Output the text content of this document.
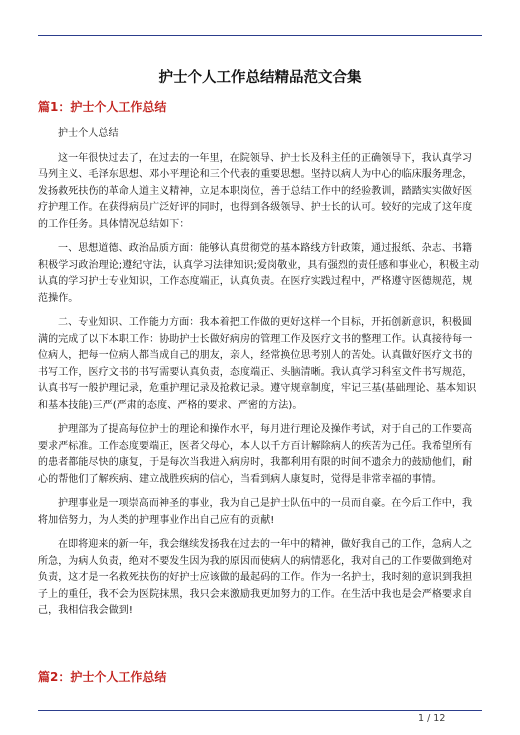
护士个人工作总结精品范文合集
篇1：护士个人工作总结

护士个人总结

这一年很快过去了，在过去的一年里，在院领导、护士长及科主任的正确领导下，我认真学习马列主义、毛泽东思想、邓小平理论和三个代表的重要思想。坚持以病人为中心的临床服务理念，发扬救死扶伤的革命人道主义精神，立足本职岗位，善于总结工作中的经验教训，踏踏实实做好医疗护理工作。在获得病员广泛好评的同时，也得到各级领导、护士长的认可。较好的完成了这年度的工作任务。具体情况总结如下：

一、思想道德、政治品质方面：能够认真贯彻党的基本路线方针政策，通过报纸、杂志、书籍积极学习政治理论;遵纪守法，认真学习法律知识;爱岗敬业，具有强烈的责任感和事业心，积极主动认真的学习护士专业知识，工作态度端正，认真负责。在医疗实践过程中，严格遵守医德规范，规范操作。

二、专业知识、工作能力方面：我本着把工作做的更好这样一个目标，开拓创新意识，积极圆满的完成了以下本职工作：协助护士长做好病房的管理工作及医疗文书的整理工作。认真接待每一位病人，把每一位病人都当成自己的朋友，亲人，经常换位思考别人的苦处。认真做好医疗文书的书写工作，医疗文书的书写需要认真负责，态度端正、头脑清晰。我认真学习科室文件书写规范，认真书写一般护理记录，危重护理记录及抢救记录。遵守规章制度，牢记三基(基础理论、基本知识和基本技能)三严(严肃的态度、严格的要求、严密的方法)。

护理部为了提高每位护士的理论和操作水平，每月进行理论及操作考试，对于自己的工作要高要求严标准。工作态度要端正，医者父母心，本人以千方百计解除病人的疾苦为己任。我希望所有的患者都能尽快的康复，于是每次当我进入病房时，我都利用有限的时间不遗余力的鼓励他们，耐心的帮他们了解疾病、建立战胜疾病的信心，当看到病人康复时，觉得是非常幸福的事情。

护理事业是一项崇高而神圣的事业，我为自己是护士队伍中的一员而自豪。在今后工作中，我将加倍努力，为人类的护理事业作出自己应有的贡献!

在即将迎来的新一年，我会继续发扬我在过去的一年中的精神，做好我自己的工作，急病人之所急，为病人负责，绝对不要发生因为我的原因而使病人的病情恶化，我对自己的工作要做到绝对负责，这才是一名救死扶伤的好护士应该做的最起码的工作。作为一名护士，我时刻的意识到我担子上的重任，我不会为医院抹黑，我只会来激励我更加努力的工作。在生活中我也是会严格要求自己，我相信我会做到!

篇2：护士个人工作总结
1 / 12
